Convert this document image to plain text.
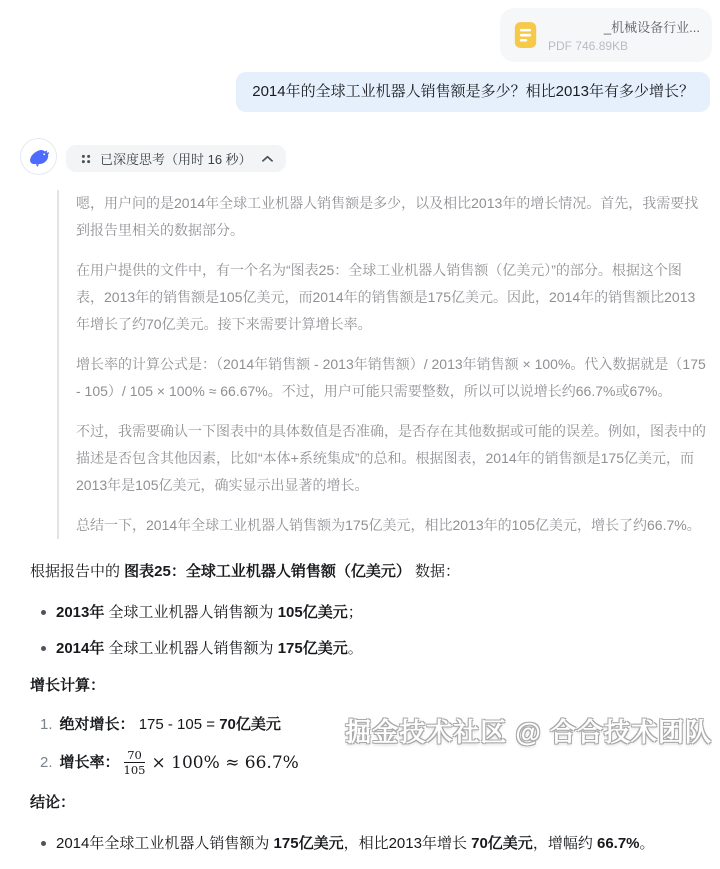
_机械设备行业...
PDF 746.89KB
2014年的全球工业机器人销售额是多少？相比2013年有多少增长？
已深度思考（用时 16 秒）

嗯，用户问的是2014年全球工业机器人销售额是多少，以及相比2013年的增长情况。首先，我需要找到报告里相关的数据部分。

在用户提供的文件中，有一个名为“图表25：全球工业机器人销售额（亿美元）”的部分。根据这个图表，2013年的销售额是105亿美元，而2014年的销售额是175亿美元。因此，2014年的销售额比2013年增长了约70亿美元。接下来需要计算增长率。

增长率的计算公式是：（2014年销售额 - 2013年销售额）/ 2013年销售额 × 100%。代入数据就是（175 - 105）/ 105 × 100% ≈ 66.67%。不过，用户可能只需要整数，所以可以说增长约66.7%或67%。

不过，我需要确认一下图表中的具体数值是否准确，是否存在其他数据或可能的误差。例如，图表中的描述是否包含其他因素，比如“本体+系统集成”的总和。根据图表，2014年的销售额是175亿美元，而2013年是105亿美元，确实显示出显著的增长。

总结一下，2014年全球工业机器人销售额为175亿美元，相比2013年的105亿美元，增长了约66.7%。

根据报告中的 图表25：全球工业机器人销售额（亿美元） 数据：
2013年 全球工业机器人销售额为 105亿美元；
2014年 全球工业机器人销售额为 175亿美元。
增长计算：
1. 绝对增长： 175 - 105 = 70亿美元
2. 增长率： $\frac{70}{105} \times 100\% \approx 66.7\%$
结论：
2014年全球工业机器人销售额为 175亿美元，相比2013年增长 70亿美元，增幅约 66.7%。
掘金技术社区 @ 合合技术团队
